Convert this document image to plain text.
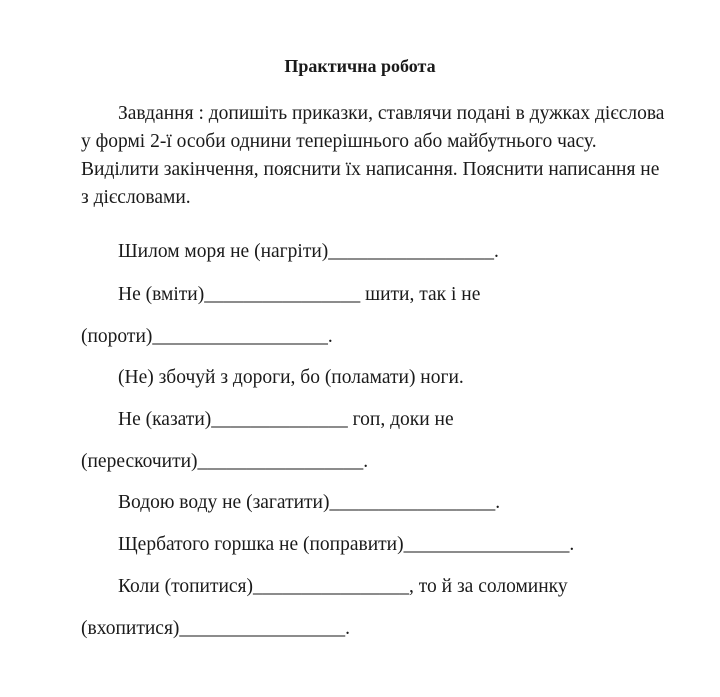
Практична робота

Завдання : допишіть приказки, ставлячи подані в дужках дієслова у формі 2-ї особи однини теперішнього або майбутнього часу. Виділити закінчення, пояснити їх написання. Пояснити написання не з дієсловами.

Шилом моря не (нагріти)_________________.

Не (вміти)________________ шити, так і не

(пороти)__________________.

(Не) збочуй з дороги, бо (поламати) ноги.

Не (казати)______________ гоп, доки не

(перескочити)_________________.

Водою воду не (загатити)_________________.

Щербатого горшка не (поправити)_________________.

Коли (топитися)________________, то й за соломинку

(вхопитися)_________________.
